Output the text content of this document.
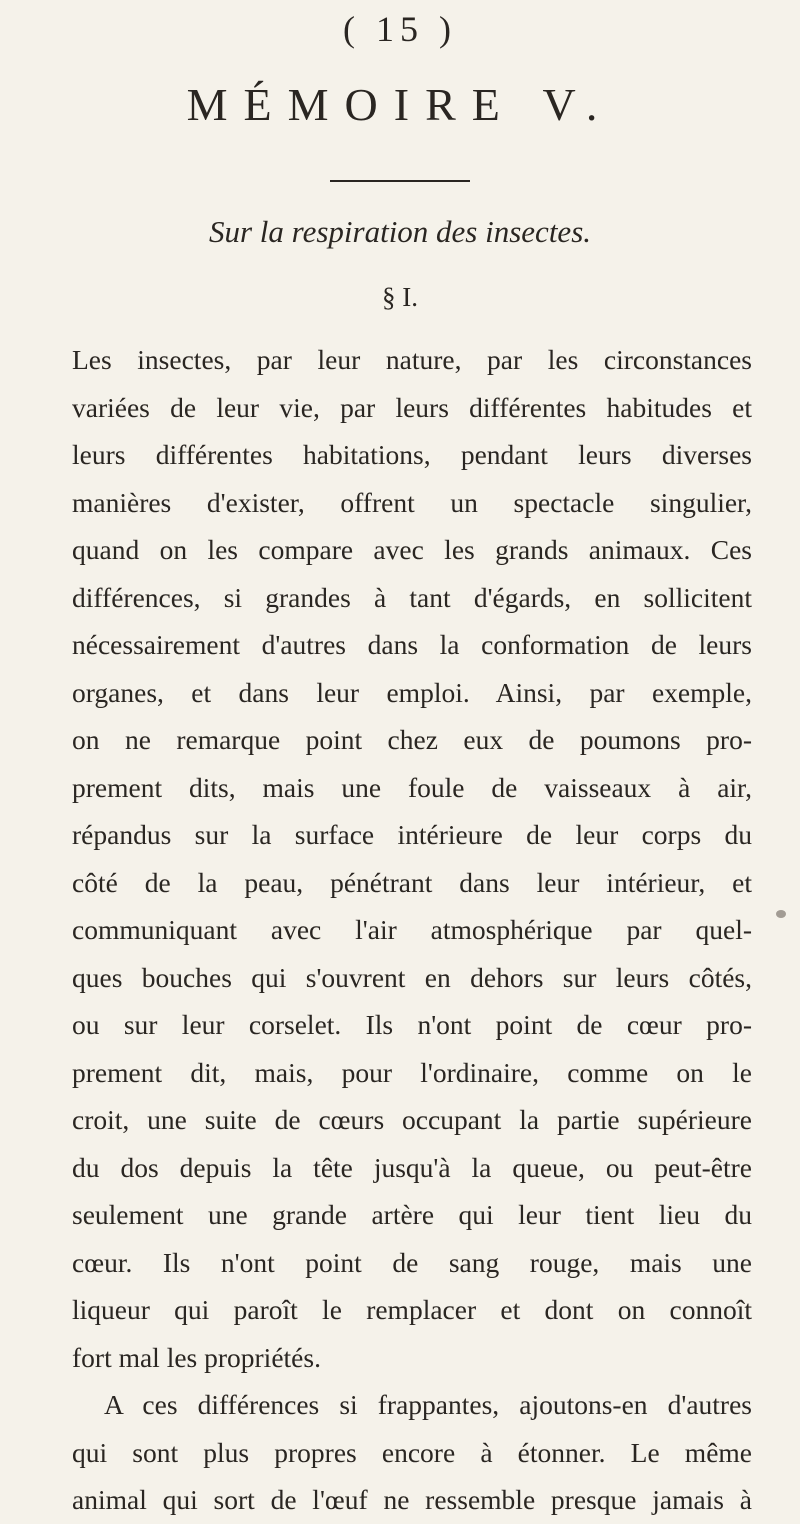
( 15 )
MÉMOIRE V.
Sur la respiration des insectes.
§ I.
Les insectes, par leur nature, par les circonstances
variées de leur vie, par leurs différentes habitudes et
leurs différentes habitations, pendant leurs diverses
manières d'exister, offrent un spectacle singulier,
quand on les compare avec les grands animaux. Ces
différences, si grandes à tant d'égards, en sollicitent
nécessairement d'autres dans la conformation de leurs
organes, et dans leur emploi. Ainsi, par exemple,
on ne remarque point chez eux de poumons pro-
prement dits, mais une foule de vaisseaux à air,
répandus sur la surface intérieure de leur corps du
côté de la peau, pénétrant dans leur intérieur, et
communiquant avec l'air atmosphérique par quel-
ques bouches qui s'ouvrent en dehors sur leurs côtés,
ou sur leur corselet. Ils n'ont point de cœur pro-
prement dit, mais, pour l'ordinaire, comme on le
croit, une suite de cœurs occupant la partie supérieure
du dos depuis la tête jusqu'à la queue, ou peut-être
seulement une grande artère qui leur tient lieu du
cœur. Ils n'ont point de sang rouge, mais une
liqueur qui paroît le remplacer et dont on connoît
fort mal les propriétés.
A ces différences si frappantes, ajoutons-en d'autres
qui sont plus propres encore à étonner. Le même
animal qui sort de l'œuf ne ressemble presque jamais à
